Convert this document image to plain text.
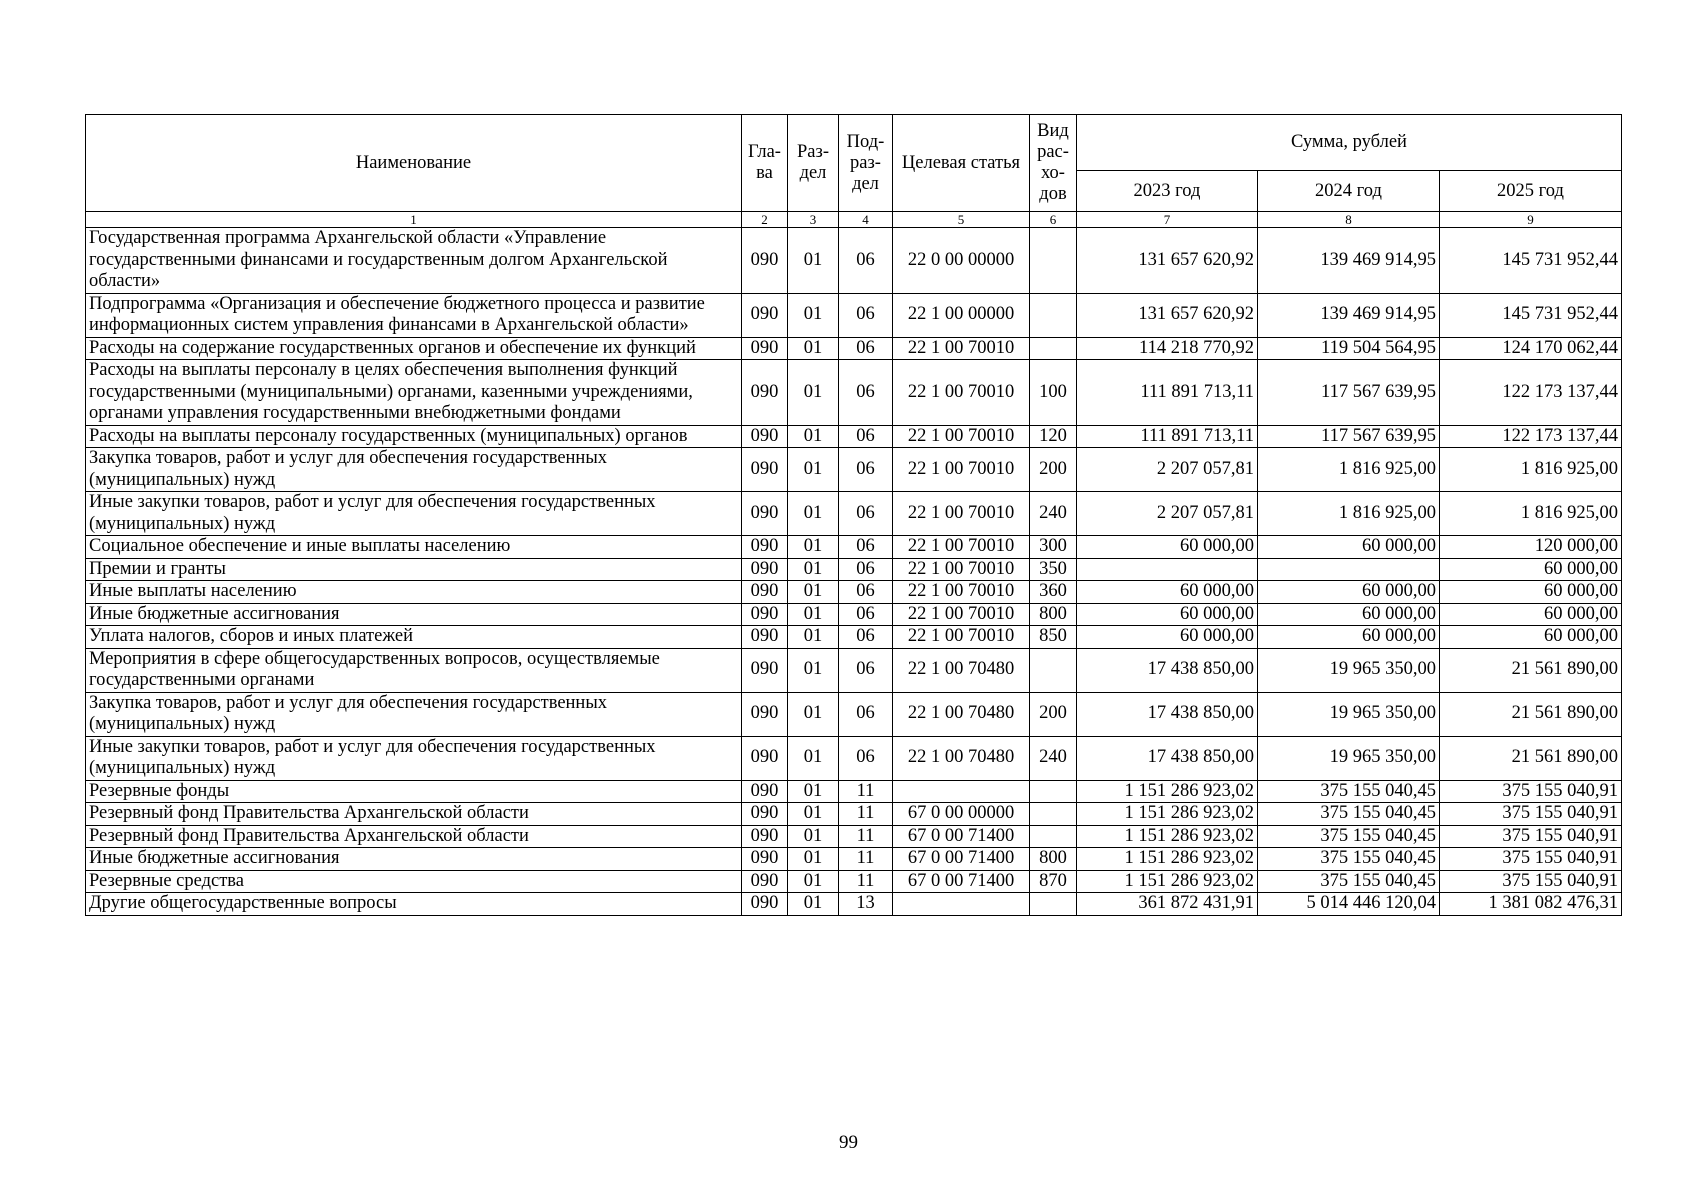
Наименование	Гла-ва	Раз-дел	Под-раз-дел	Целевая статья	Вид рас-хо-дов	Сумма, рублей		
						2023 год	2024 год	2025 год
1	2	3	4	5	6	7	8	9
Государственная программа Архангельской области «Управление государственными финансами и государственным долгом Архангельской области»	090	01	06	22 0 00 00000		131 657 620,92	139 469 914,95	145 731 952,44
Подпрограмма «Организация и обеспечение бюджетного процесса и развитие информационных систем управления финансами в Архангельской области»	090	01	06	22 1 00 00000		131 657 620,92	139 469 914,95	145 731 952,44
Расходы на содержание государственных органов и обеспечение их функций	090	01	06	22 1 00 70010		114 218 770,92	119 504 564,95	124 170 062,44
Расходы на выплаты персоналу в целях обеспечения выполнения функций государственными (муниципальными) органами, казенными учреждениями, органами управления государственными внебюджетными фондами	090	01	06	22 1 00 70010	100	111 891 713,11	117 567 639,95	122 173 137,44
Расходы на выплаты персоналу государственных (муниципальных) органов	090	01	06	22 1 00 70010	120	111 891 713,11	117 567 639,95	122 173 137,44
Закупка товаров, работ и услуг для обеспечения государственных (муниципальных) нужд	090	01	06	22 1 00 70010	200	2 207 057,81	1 816 925,00	1 816 925,00
Иные закупки товаров, работ и услуг для обеспечения государственных (муниципальных) нужд	090	01	06	22 1 00 70010	240	2 207 057,81	1 816 925,00	1 816 925,00
Социальное обеспечение и иные выплаты населению	090	01	06	22 1 00 70010	300	60 000,00	60 000,00	120 000,00
Премии и гранты	090	01	06	22 1 00 70010	350			60 000,00
Иные выплаты населению	090	01	06	22 1 00 70010	360	60 000,00	60 000,00	60 000,00
Иные бюджетные ассигнования	090	01	06	22 1 00 70010	800	60 000,00	60 000,00	60 000,00
Уплата налогов, сборов и иных платежей	090	01	06	22 1 00 70010	850	60 000,00	60 000,00	60 000,00
Мероприятия в сфере общегосударственных вопросов, осуществляемые государственными органами	090	01	06	22 1 00 70480		17 438 850,00	19 965 350,00	21 561 890,00
Закупка товаров, работ и услуг для обеспечения государственных (муниципальных) нужд	090	01	06	22 1 00 70480	200	17 438 850,00	19 965 350,00	21 561 890,00
Иные закупки товаров, работ и услуг для обеспечения государственных (муниципальных) нужд	090	01	06	22 1 00 70480	240	17 438 850,00	19 965 350,00	21 561 890,00
Резервные фонды	090	01	11			1 151 286 923,02	375 155 040,45	375 155 040,91
Резервный фонд Правительства Архангельской области	090	01	11	67 0 00 00000		1 151 286 923,02	375 155 040,45	375 155 040,91
Резервный фонд Правительства Архангельской области	090	01	11	67 0 00 71400		1 151 286 923,02	375 155 040,45	375 155 040,91
Иные бюджетные ассигнования	090	01	11	67 0 00 71400	800	1 151 286 923,02	375 155 040,45	375 155 040,91
Резервные средства	090	01	11	67 0 00 71400	870	1 151 286 923,02	375 155 040,45	375 155 040,91
Другие общегосударственные вопросы	090	01	13			361 872 431,91	5 014 446 120,04	1 381 082 476,31
99
